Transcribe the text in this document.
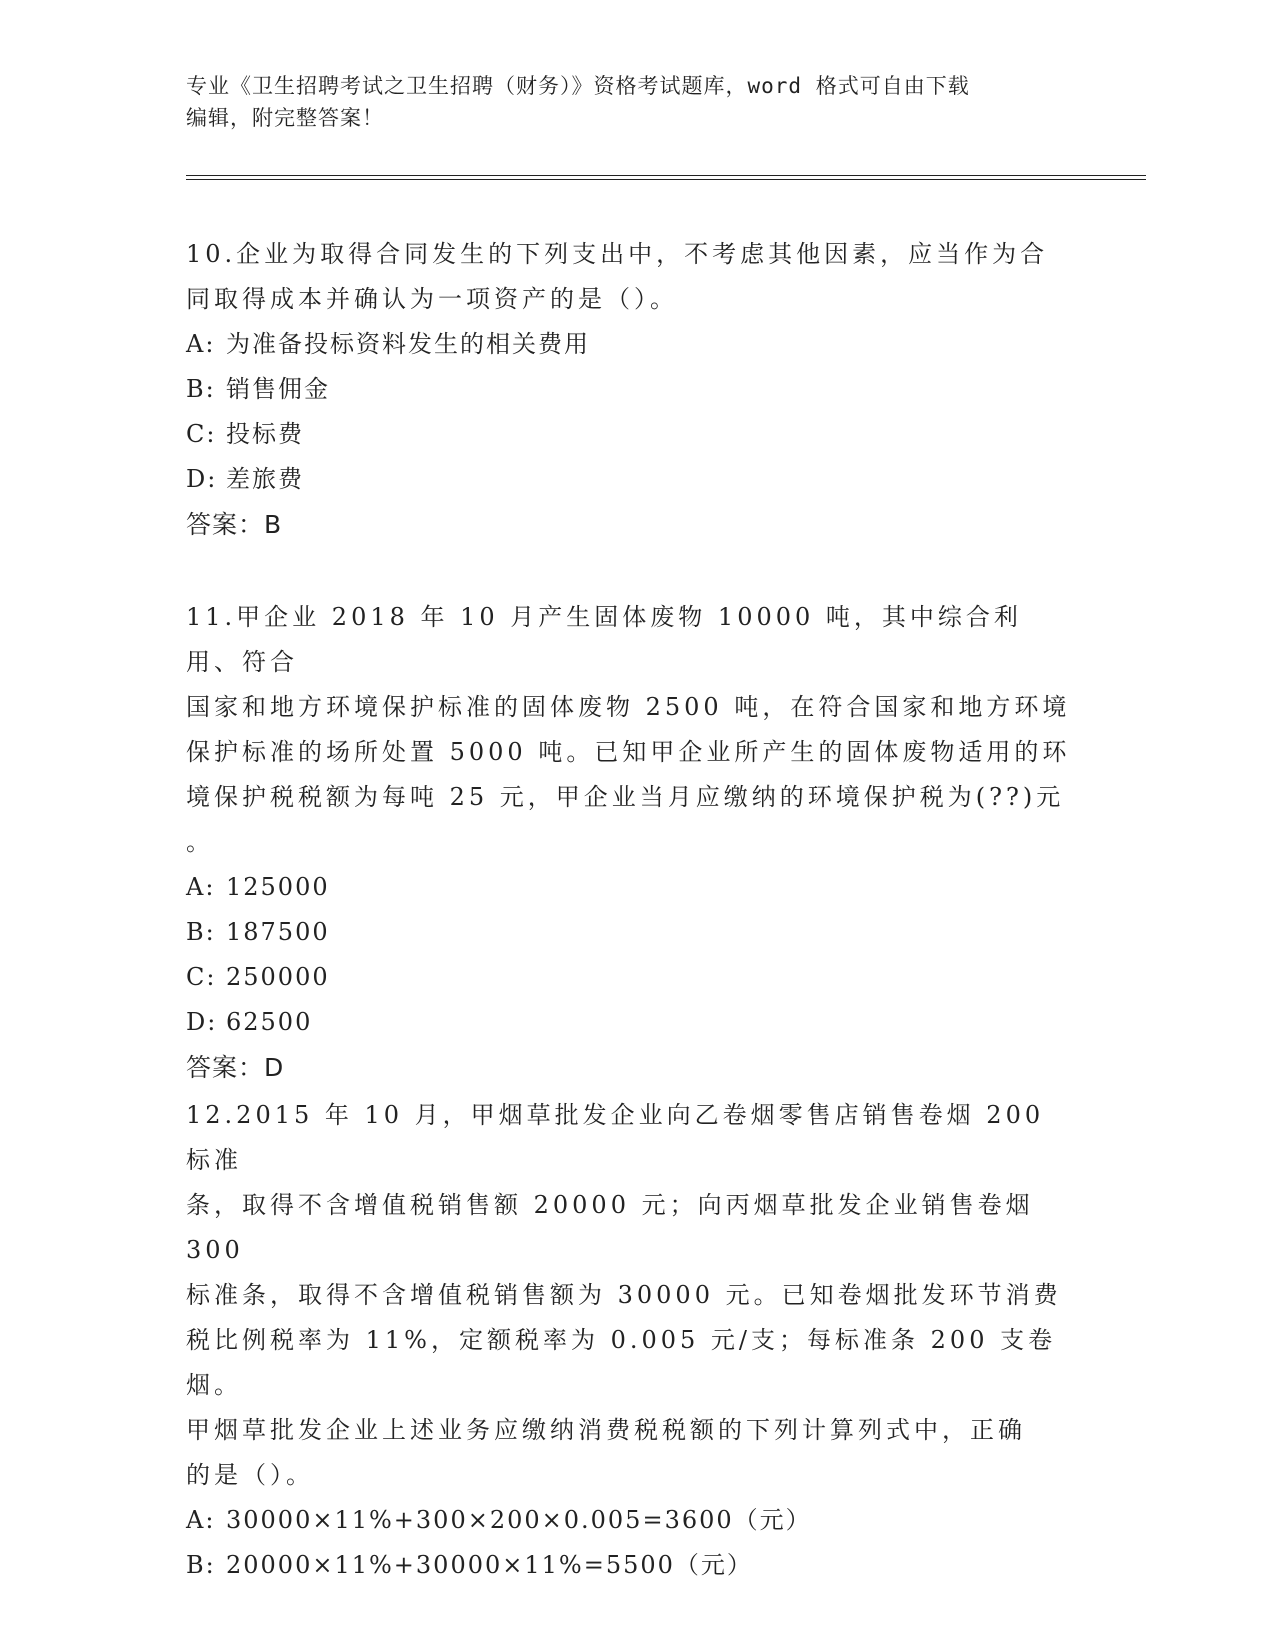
专业《卫生招聘考试之卫生招聘（财务）》资格考试题库，word 格式可自由下载
编辑，附完整答案！
10.企业为取得合同发生的下列支出中，不考虑其他因素，应当作为合
同取得成本并确认为一项资产的是（）。
A: 为准备投标资料发生的相关费用
B: 销售佣金
C: 投标费
D: 差旅费
答案：B
11.甲企业 2018 年 10 月产生固体废物 10000 吨，其中综合利用、符合
国家和地方环境保护标准的固体废物 2500 吨，在符合国家和地方环境
保护标准的场所处置 5000 吨。已知甲企业所产生的固体废物适用的环
境保护税税额为每吨 25 元，甲企业当月应缴纳的环境保护税为(??)元
。
A: 125000
B: 187500
C: 250000
D: 62500
答案：D
12.2015 年 10 月，甲烟草批发企业向乙卷烟零售店销售卷烟 200 标准
条，取得不含增值税销售额 20000 元；向丙烟草批发企业销售卷烟 300
标准条，取得不含增值税销售额为 30000 元。已知卷烟批发环节消费
税比例税率为 11%，定额税率为 0.005 元/支；每标准条 200 支卷烟。
甲烟草批发企业上述业务应缴纳消费税税额的下列计算列式中，正确
的是（）。
A: 30000×11%+300×200×0.005=3600（元）
B: 20000×11%+30000×11%=5500（元）
